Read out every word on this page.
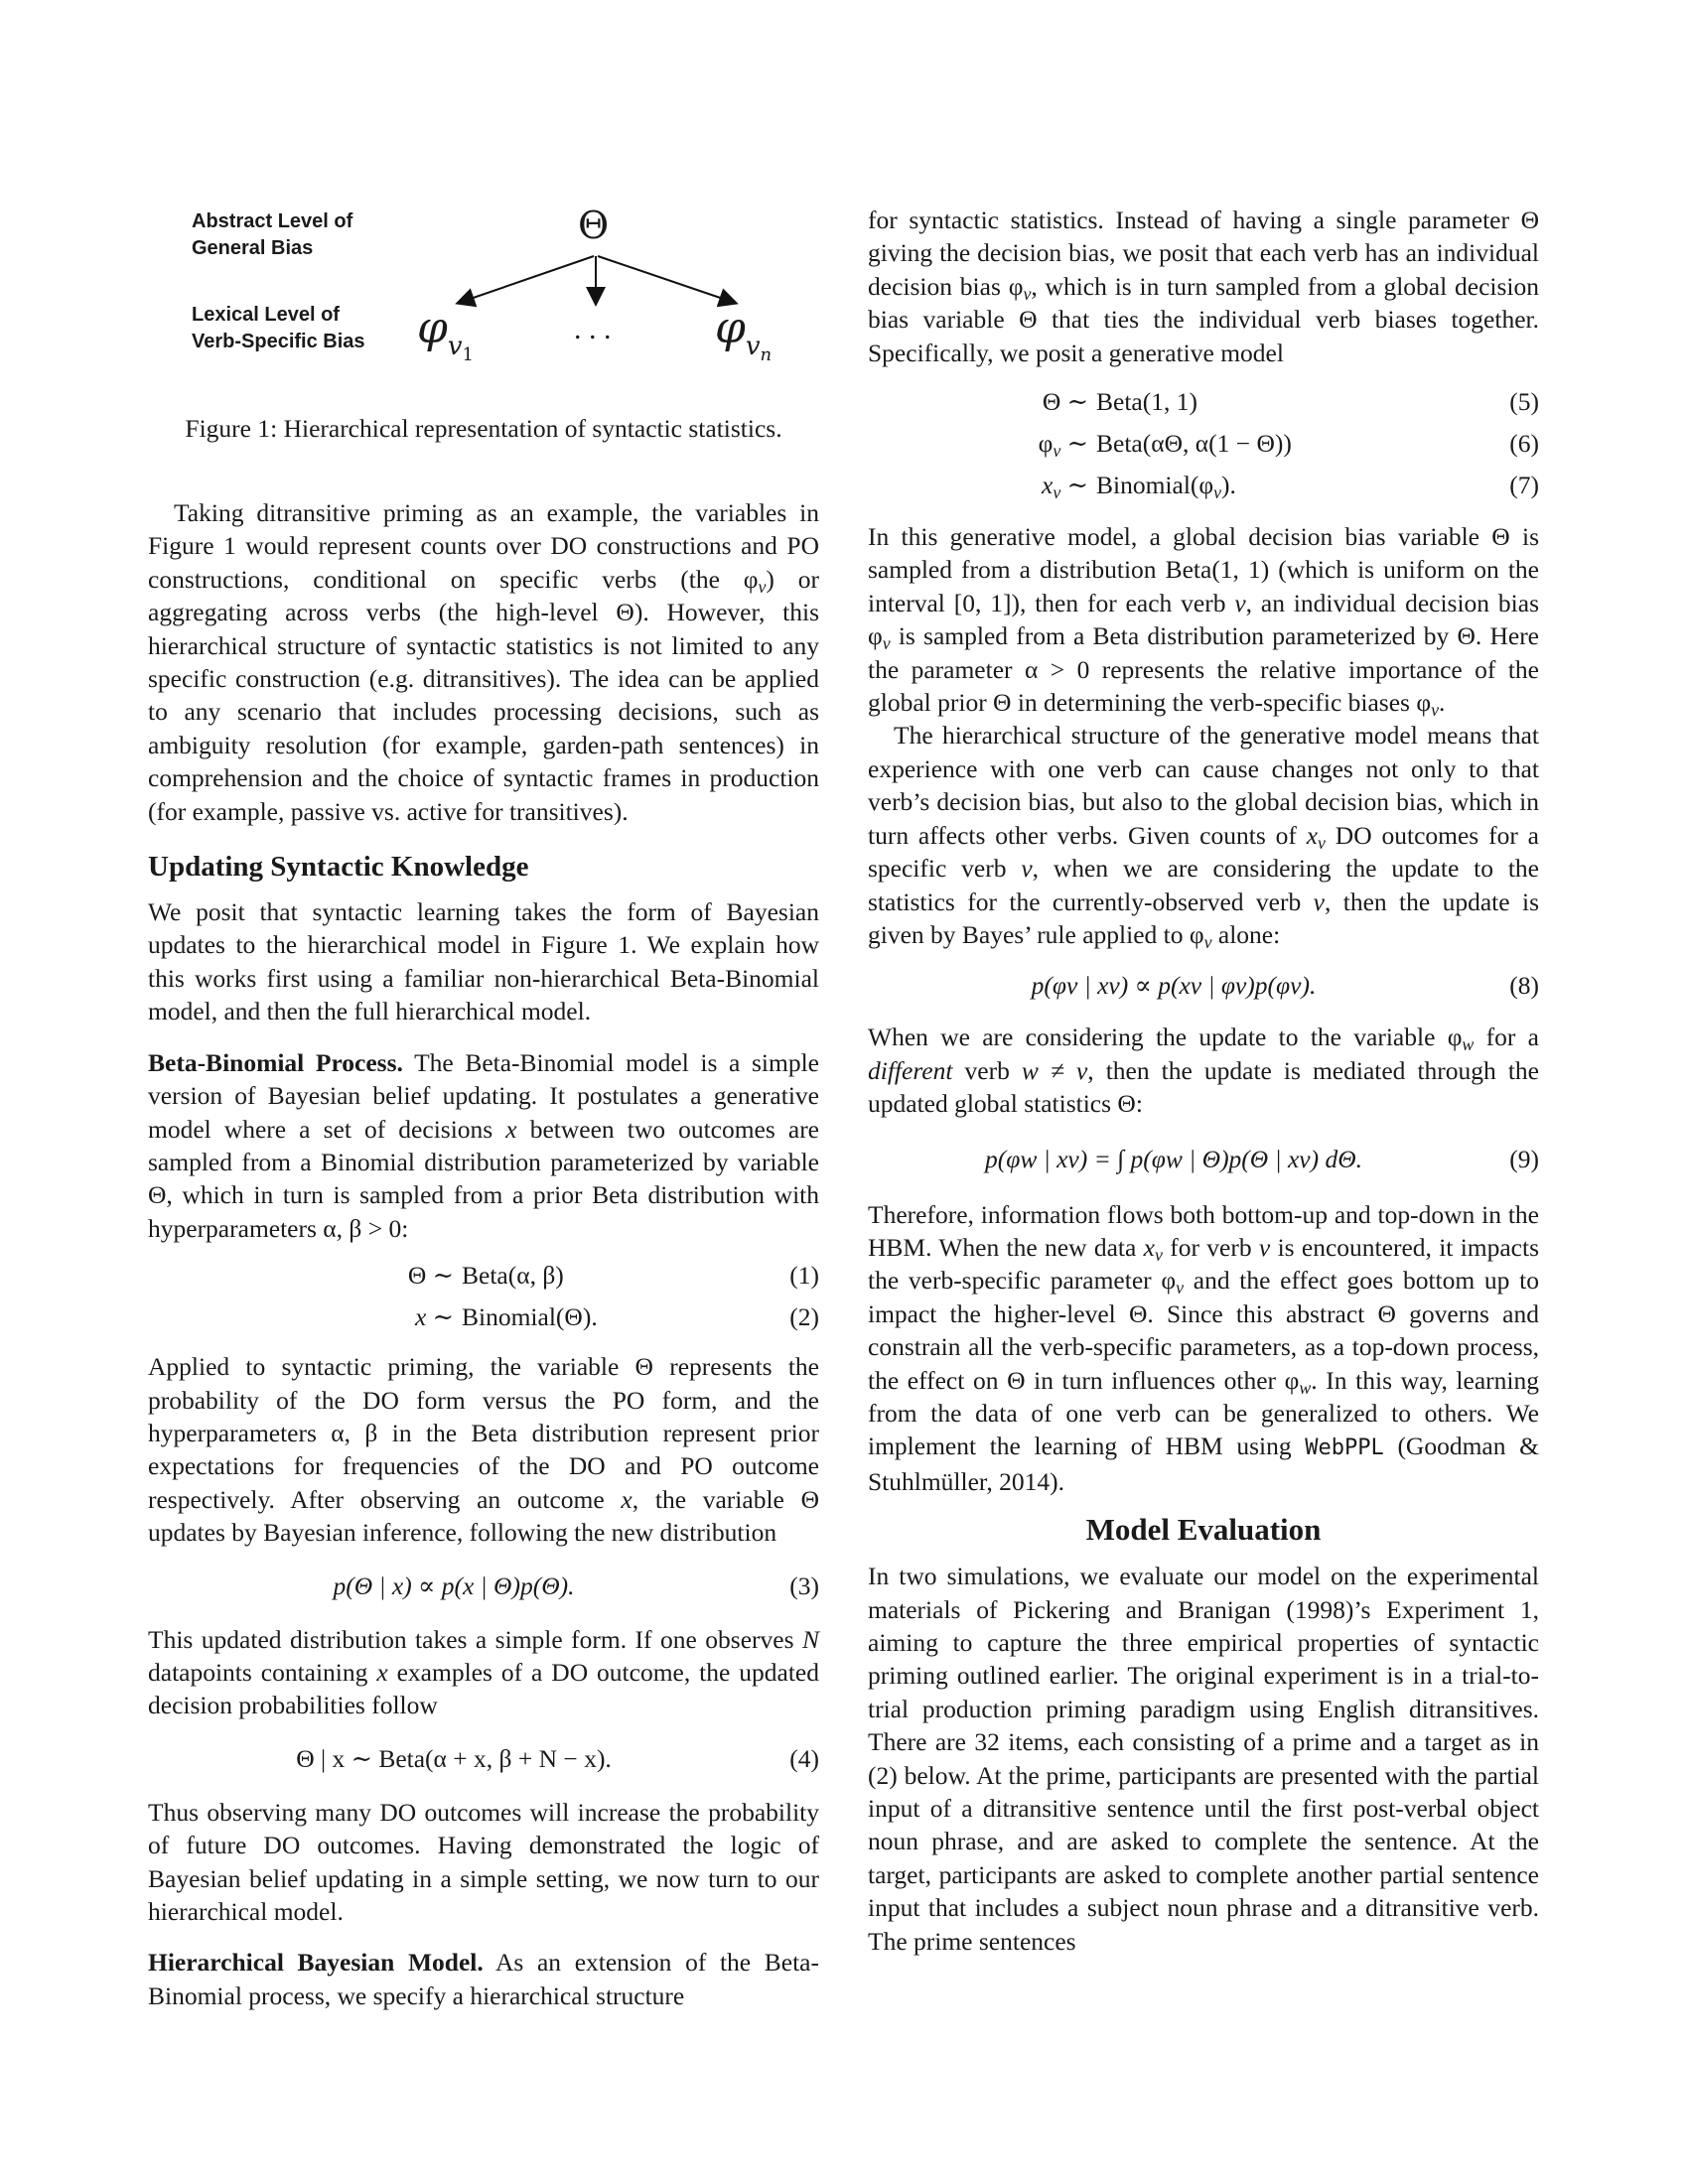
Abstract Level of
General Bias
Lexical Level of
Verb-Specific Bias
Θ
$\varphi_{v1}$
. . . $\varphi_{vn}$
Figure 1: Hierarchical representation of syntactic statistics.

Taking ditransitive priming as an example, the variables in Figure 1 would represent counts over DO constructions and PO constructions, conditional on specific verbs (the $\varphi_v$) or aggregating across verbs (the high-level Θ). However, this hierarchical structure of syntactic statistics is not limited to any specific construction (e.g. ditransitives). The idea can be applied to any scenario that includes processing decisions, such as ambiguity resolution (for example, garden-path sentences) in comprehension and the choice of syntactic frames in production (for example, passive vs. active for transitives).

Updating Syntactic Knowledge

We posit that syntactic learning takes the form of Bayesian updates to the hierarchical model in Figure 1. We explain how this works first using a familiar non-hierarchical Beta-Binomial model, and then the full hierarchical model.

Beta-Binomial Process. The Beta-Binomial model is a simple version of Bayesian belief updating. It postulates a generative model where a set of decisions x between two outcomes are sampled from a Binomial distribution parameterized by variable Θ, which in turn is sampled from a prior Beta distribution with hyperparameters α, β > 0:

Θ ∼ Beta(α, β)	(1)
x ∼ Binomial(Θ).	(2)

Applied to syntactic priming, the variable Θ represents the probability of the DO form versus the PO form, and the hyperparameters α, β in the Beta distribution represent prior expectations for frequencies of the DO and PO outcome respectively. After observing an outcome x, the variable Θ updates by Bayesian inference, following the new distribution

p(Θ | x) ∝ p(x | Θ)p(Θ).	(3)

This updated distribution takes a simple form. If one observes N datapoints containing x examples of a DO outcome, the updated decision probabilities follow

Θ | x ∼ Beta(α + x, β + N − x).	(4)

Thus observing many DO outcomes will increase the probability of future DO outcomes. Having demonstrated the logic of Bayesian belief updating in a simple setting, we now turn to our hierarchical model.

Hierarchical Bayesian Model. As an extension of the Beta-Binomial process, we specify a hierarchical structure

for syntactic statistics. Instead of having a single parameter Θ giving the decision bias, we posit that each verb has an individual decision bias $\varphi_v$, which is in turn sampled from a global decision bias variable Θ that ties the individual verb biases together. Specifically, we posit a generative model

Θ ∼ Beta(1, 1)	(5)
$\varphi_v$ ∼ Beta(αΘ, α(1 − Θ))	(6)
$x_v$ ∼ $Binomial(\varphi_v)$.	(7)

In this generative model, a global decision bias variable Θ is sampled from a distribution Beta(1, 1) (which is uniform on the interval [0, 1]), then for each verb v, an individual decision bias $\varphi_v$ is sampled from a Beta distribution parameterized by Θ. Here the parameter α > 0 represents the relative importance of the global prior Θ in determining the verb-specific biases $\varphi_v$.

The hierarchical structure of the generative model means that experience with one verb can cause changes not only to that verb’s decision bias, but also to the global decision bias, which in turn affects other verbs. Given counts of $x_v$ DO outcomes for a specific verb v, when we are considering the update to the statistics for the currently-observed verb v, then the update is given by Bayes’ rule applied to $\varphi_v$ alone:

p(φv | xv) ∝ p(xv | φv)p(φv).	(8)

When we are considering the update to the variable $\varphi_w$ for a different verb w ≠ v, then the update is mediated through the updated global statistics Θ:

p(φw | xv) = ∫ p(φw | Θ)p(Θ | xv) dΘ.	(9)

Therefore, information flows both bottom-up and top-down in the HBM. When the new data $x_v$ for verb v is encountered, it impacts the verb-specific parameter $\varphi_v$ and the effect goes bottom up to impact the higher-level Θ. Since this abstract Θ governs and constrain all the verb-specific parameters, as a top-down process, the effect on Θ in turn influences other $\varphi_w$. In this way, learning from the data of one verb can be generalized to others. We implement the learning of HBM using WebPPL (Goodman & Stuhlmüller, 2014).

Model Evaluation

In two simulations, we evaluate our model on the experimental materials of Pickering and Branigan (1998)’s Experiment 1, aiming to capture the three empirical properties of syntactic priming outlined earlier. The original experiment is in a trial-to-trial production priming paradigm using English ditransitives. There are 32 items, each consisting of a prime and a target as in (2) below. At the prime, participants are presented with the partial input of a ditransitive sentence until the first post-verbal object noun phrase, and are asked to complete the sentence. At the target, participants are asked to complete another partial sentence input that includes a subject noun phrase and a ditransitive verb. The prime sentences
